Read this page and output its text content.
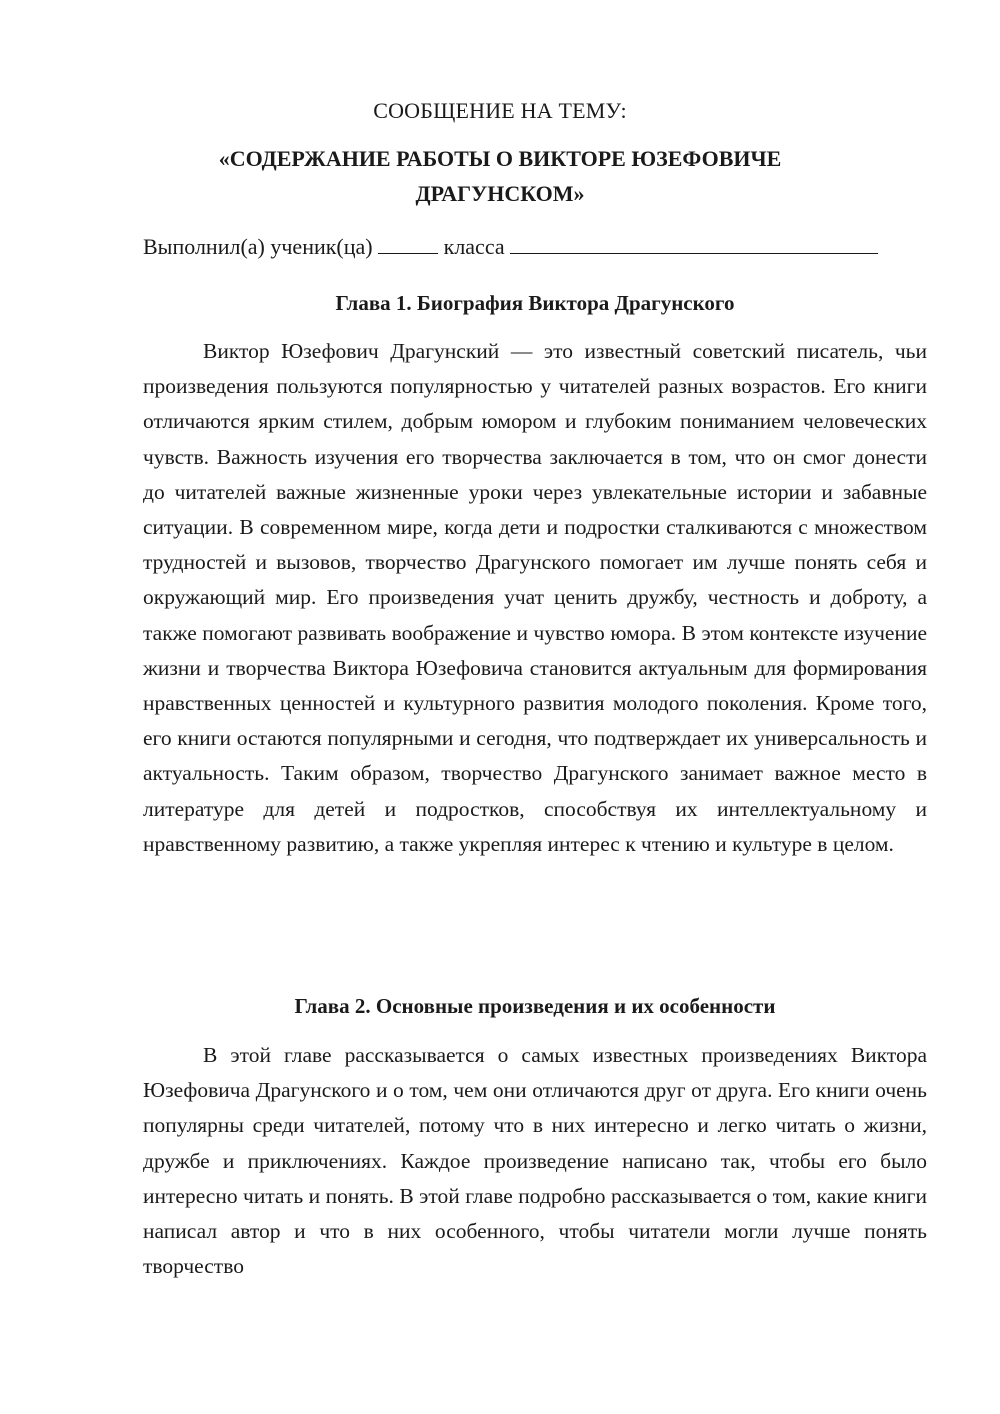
СООБЩЕНИЕ НА ТЕМУ:
«СОДЕРЖАНИЕ РАБОТЫ О ВИКТОРЕ ЮЗЕФОВИЧЕ ДРАГУНСКОМ»
Выполнил(а) ученик(ца)	класса
Глава 1. Биография Виктора Драгунского

Виктор Юзефович Драгунский — это известный советский писатель, чьи произведения пользуются популярностью у читателей разных возрастов. Его книги отличаются ярким стилем, добрым юмором и глубоким пониманием человеческих чувств. Важность изучения его творчества заключается в том, что он смог донести до читателей важные жизненные уроки через увлекательные истории и забавные ситуации. В современном мире, когда дети и подростки сталкиваются с множеством трудностей и вызовов, творчество Драгунского помогает им лучше понять себя и окружающий мир. Его произведения учат ценить дружбу, честность и доброту, а также помогают развивать воображение и чувство юмора. В этом контексте изучение жизни и творчества Виктора Юзефовича становится актуальным для формирования нравственных ценностей и культурного развития молодого поколения. Кроме того, его книги остаются популярными и сегодня, что подтверждает их универсальность и актуальность. Таким образом, творчество Драгунского занимает важное место в литературе для детей и подростков, способствуя их интеллектуальному и нравственному развитию, а также укрепляя интерес к чтению и культуре в целом.

Глава 2. Основные произведения и их особенности

В этой главе рассказывается о самых известных произведениях Виктора Юзефовича Драгунского и о том, чем они отличаются друг от друга. Его книги очень популярны среди читателей, потому что в них интересно и легко читать о жизни, дружбе и приключениях. Каждое произведение написано так, чтобы его было интересно читать и понять. В этой главе подробно рассказывается о том, какие книги написал автор и что в них особенного, чтобы читатели могли лучше понять творчество
